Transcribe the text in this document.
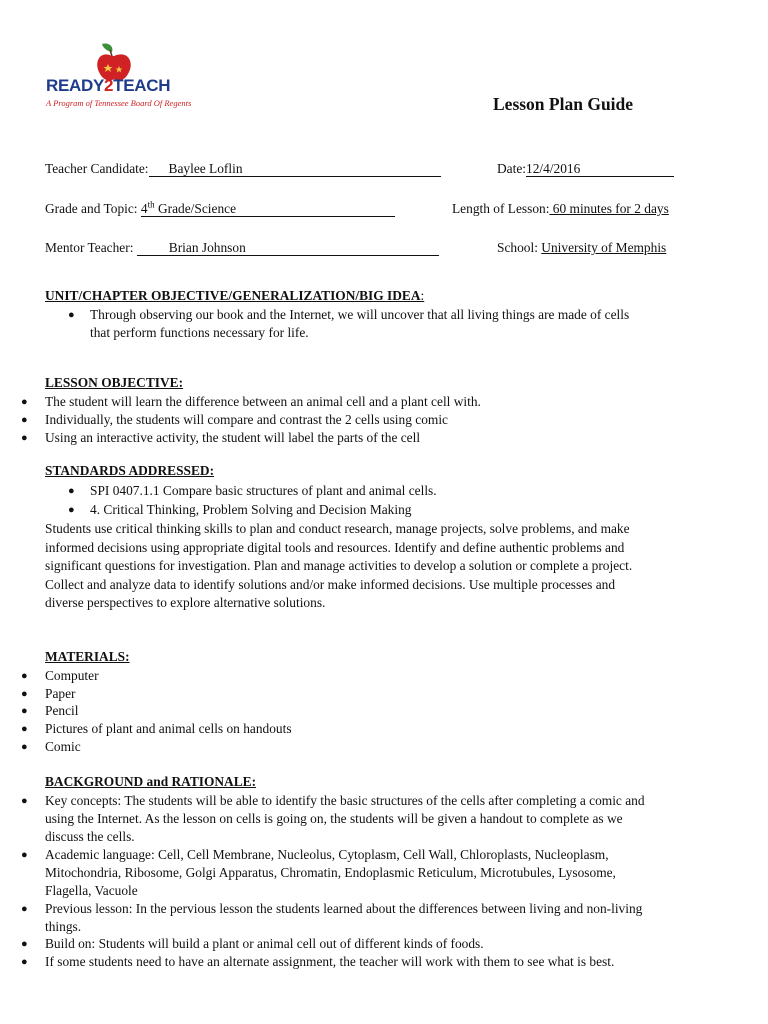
READY2TEACH
A Program of Tennessee Board Of Regents	Lesson Plan Guide
Teacher Candidate: Baylee Loflin	Date:12/4/2016
Grade and Topic: 4th Grade/Science	Length of Lesson: 60 minutes for 2 days
Mentor Teacher:	Brian Johnson	School: University of Memphis
UNIT/CHAPTER OBJECTIVE/GENERALIZATION/BIG IDEA:
● Through observing our book and the Internet, we will uncover that all living things are made of cells
that perform functions necessary for life.
LESSON OBJECTIVE:
● The student will learn the difference between an animal cell and a plant cell with.
● Individually, the students will compare and contrast the 2 cells using comic
● Using an interactive activity, the student will label the parts of the cell
STANDARDS ADDRESSED:
● SPI 0407.1.1 Compare basic structures of plant and animal cells.
● 4. Critical Thinking, Problem Solving and Decision Making
Students use critical thinking skills to plan and conduct research, manage projects, solve problems, and make
informed decisions using appropriate digital tools and resources. Identify and define authentic problems and
significant questions for investigation. Plan and manage activities to develop a solution or complete a project.
Collect and analyze data to identify solutions and/or make informed decisions. Use multiple processes and
diverse perspectives to explore alternative solutions.
MATERIALS:
● Computer
● Paper
● Pencil
● Pictures of plant and animal cells on handouts
● Comic
BACKGROUND and RATIONALE:
● Key concepts: The students will be able to identify the basic structures of the cells after completing a comic and
using the Internet. As the lesson on cells is going on, the students will be given a handout to complete as we
discuss the cells.
● Academic language: Cell, Cell Membrane, Nucleolus, Cytoplasm, Cell Wall, Chloroplasts, Nucleoplasm,
Mitochondria, Ribosome, Golgi Apparatus, Chromatin, Endoplasmic Reticulum, Microtubules, Lysosome,
Flagella, Vacuole
● Previous lesson: In the pervious lesson the students learned about the differences between living and non-living
things.
● Build on: Students will build a plant or animal cell out of different kinds of foods.
● If some students need to have an alternate assignment, the teacher will work with them to see what is best.
